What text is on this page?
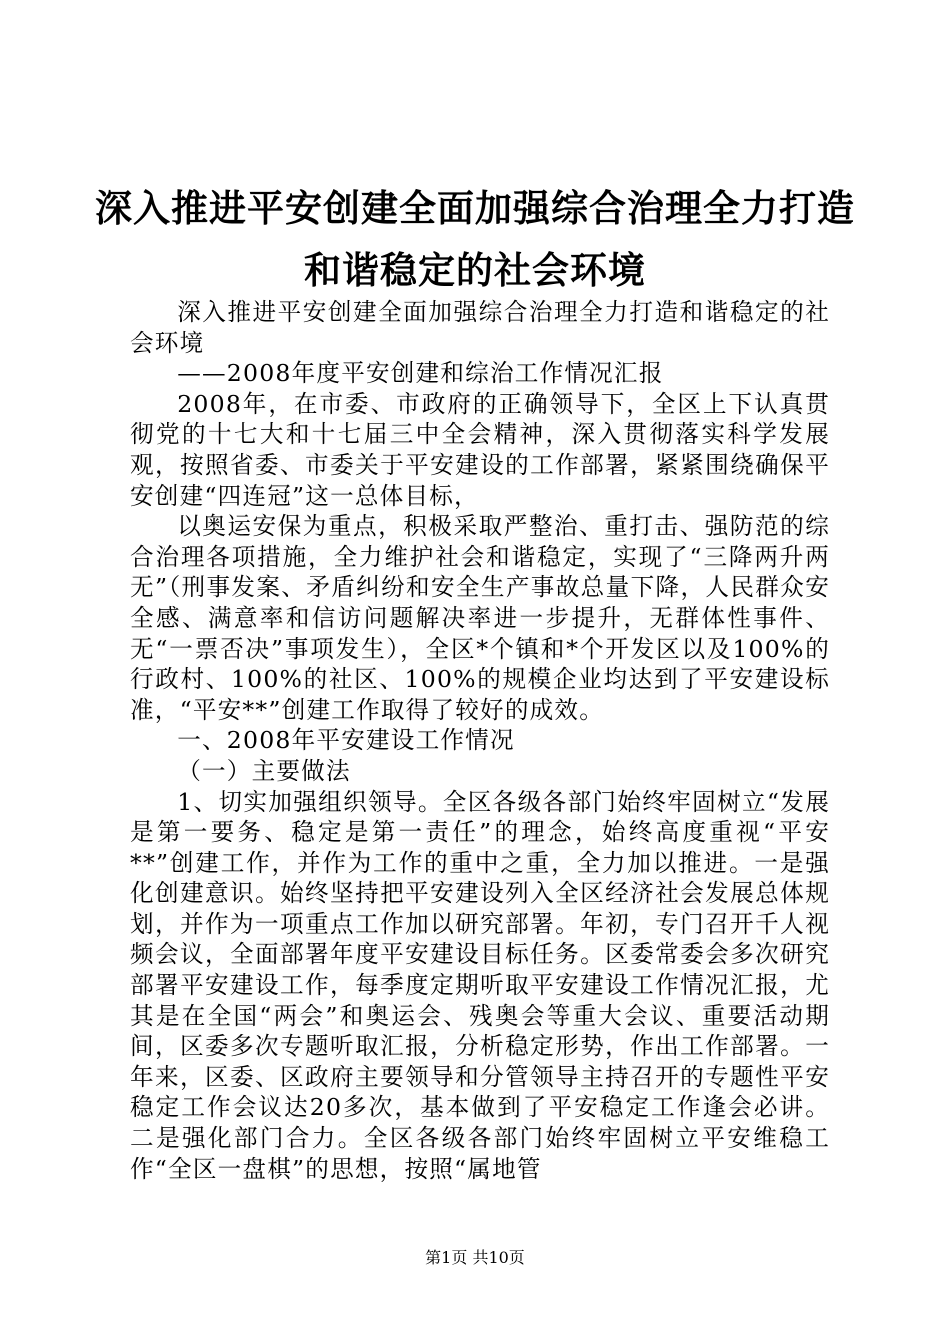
深入推进平安创建全面加强综合治理全力打造
和谐稳定的社会环境

深入推进平安创建全面加强综合治理全力打造和谐稳定的社会环境

——2008年度平安创建和综治工作情况汇报

2008年，在市委、市政府的正确领导下，全区上下认真贯彻党的十七大和十七届三中全会精神，深入贯彻落实科学发展观，按照省委、市委关于平安建设的工作部署，紧紧围绕确保平安创建“四连冠”这一总体目标，

以奥运安保为重点，积极采取严整治、重打击、强防范的综合治理各项措施，全力维护社会和谐稳定，实现了“三降两升两无”（刑事发案、矛盾纠纷和安全生产事故总量下降，人民群众安全感、满意率和信访问题解决率进一步提升，无群体性事件、无“一票否决”事项发生），全区*个镇和*个开发区以及100%的行政村、100%的社区、100%的规模企业均达到了平安建设标准，“平安**”创建工作取得了较好的成效。

一、2008年平安建设工作情况

（一）主要做法

1、切实加强组织领导。全区各级各部门始终牢固树立“发展是第一要务、稳定是第一责任”的理念，始终高度重视“平安**”创建工作，并作为工作的重中之重，全力加以推进。一是强化创建意识。始终坚持把平安建设列入全区经济社会发展总体规划，并作为一项重点工作加以研究部署。年初，专门召开千人视频会议，全面部署年度平安建设目标任务。区委常委会多次研究部署平安建设工作，每季度定期听取平安建设工作情况汇报，尤其是在全国“两会”和奥运会、残奥会等重大会议、重要活动期间，区委多次专题听取汇报，分析稳定形势，作出工作部署。一年来，区委、区政府主要领导和分管领导主持召开的专题性平安稳定工作会议达20多次，基本做到了平安稳定工作逢会必讲。二是强化部门合力。全区各级各部门始终牢固树立平安维稳工作“全区一盘棋”的思想，按照“属地管

第1页 共10页
